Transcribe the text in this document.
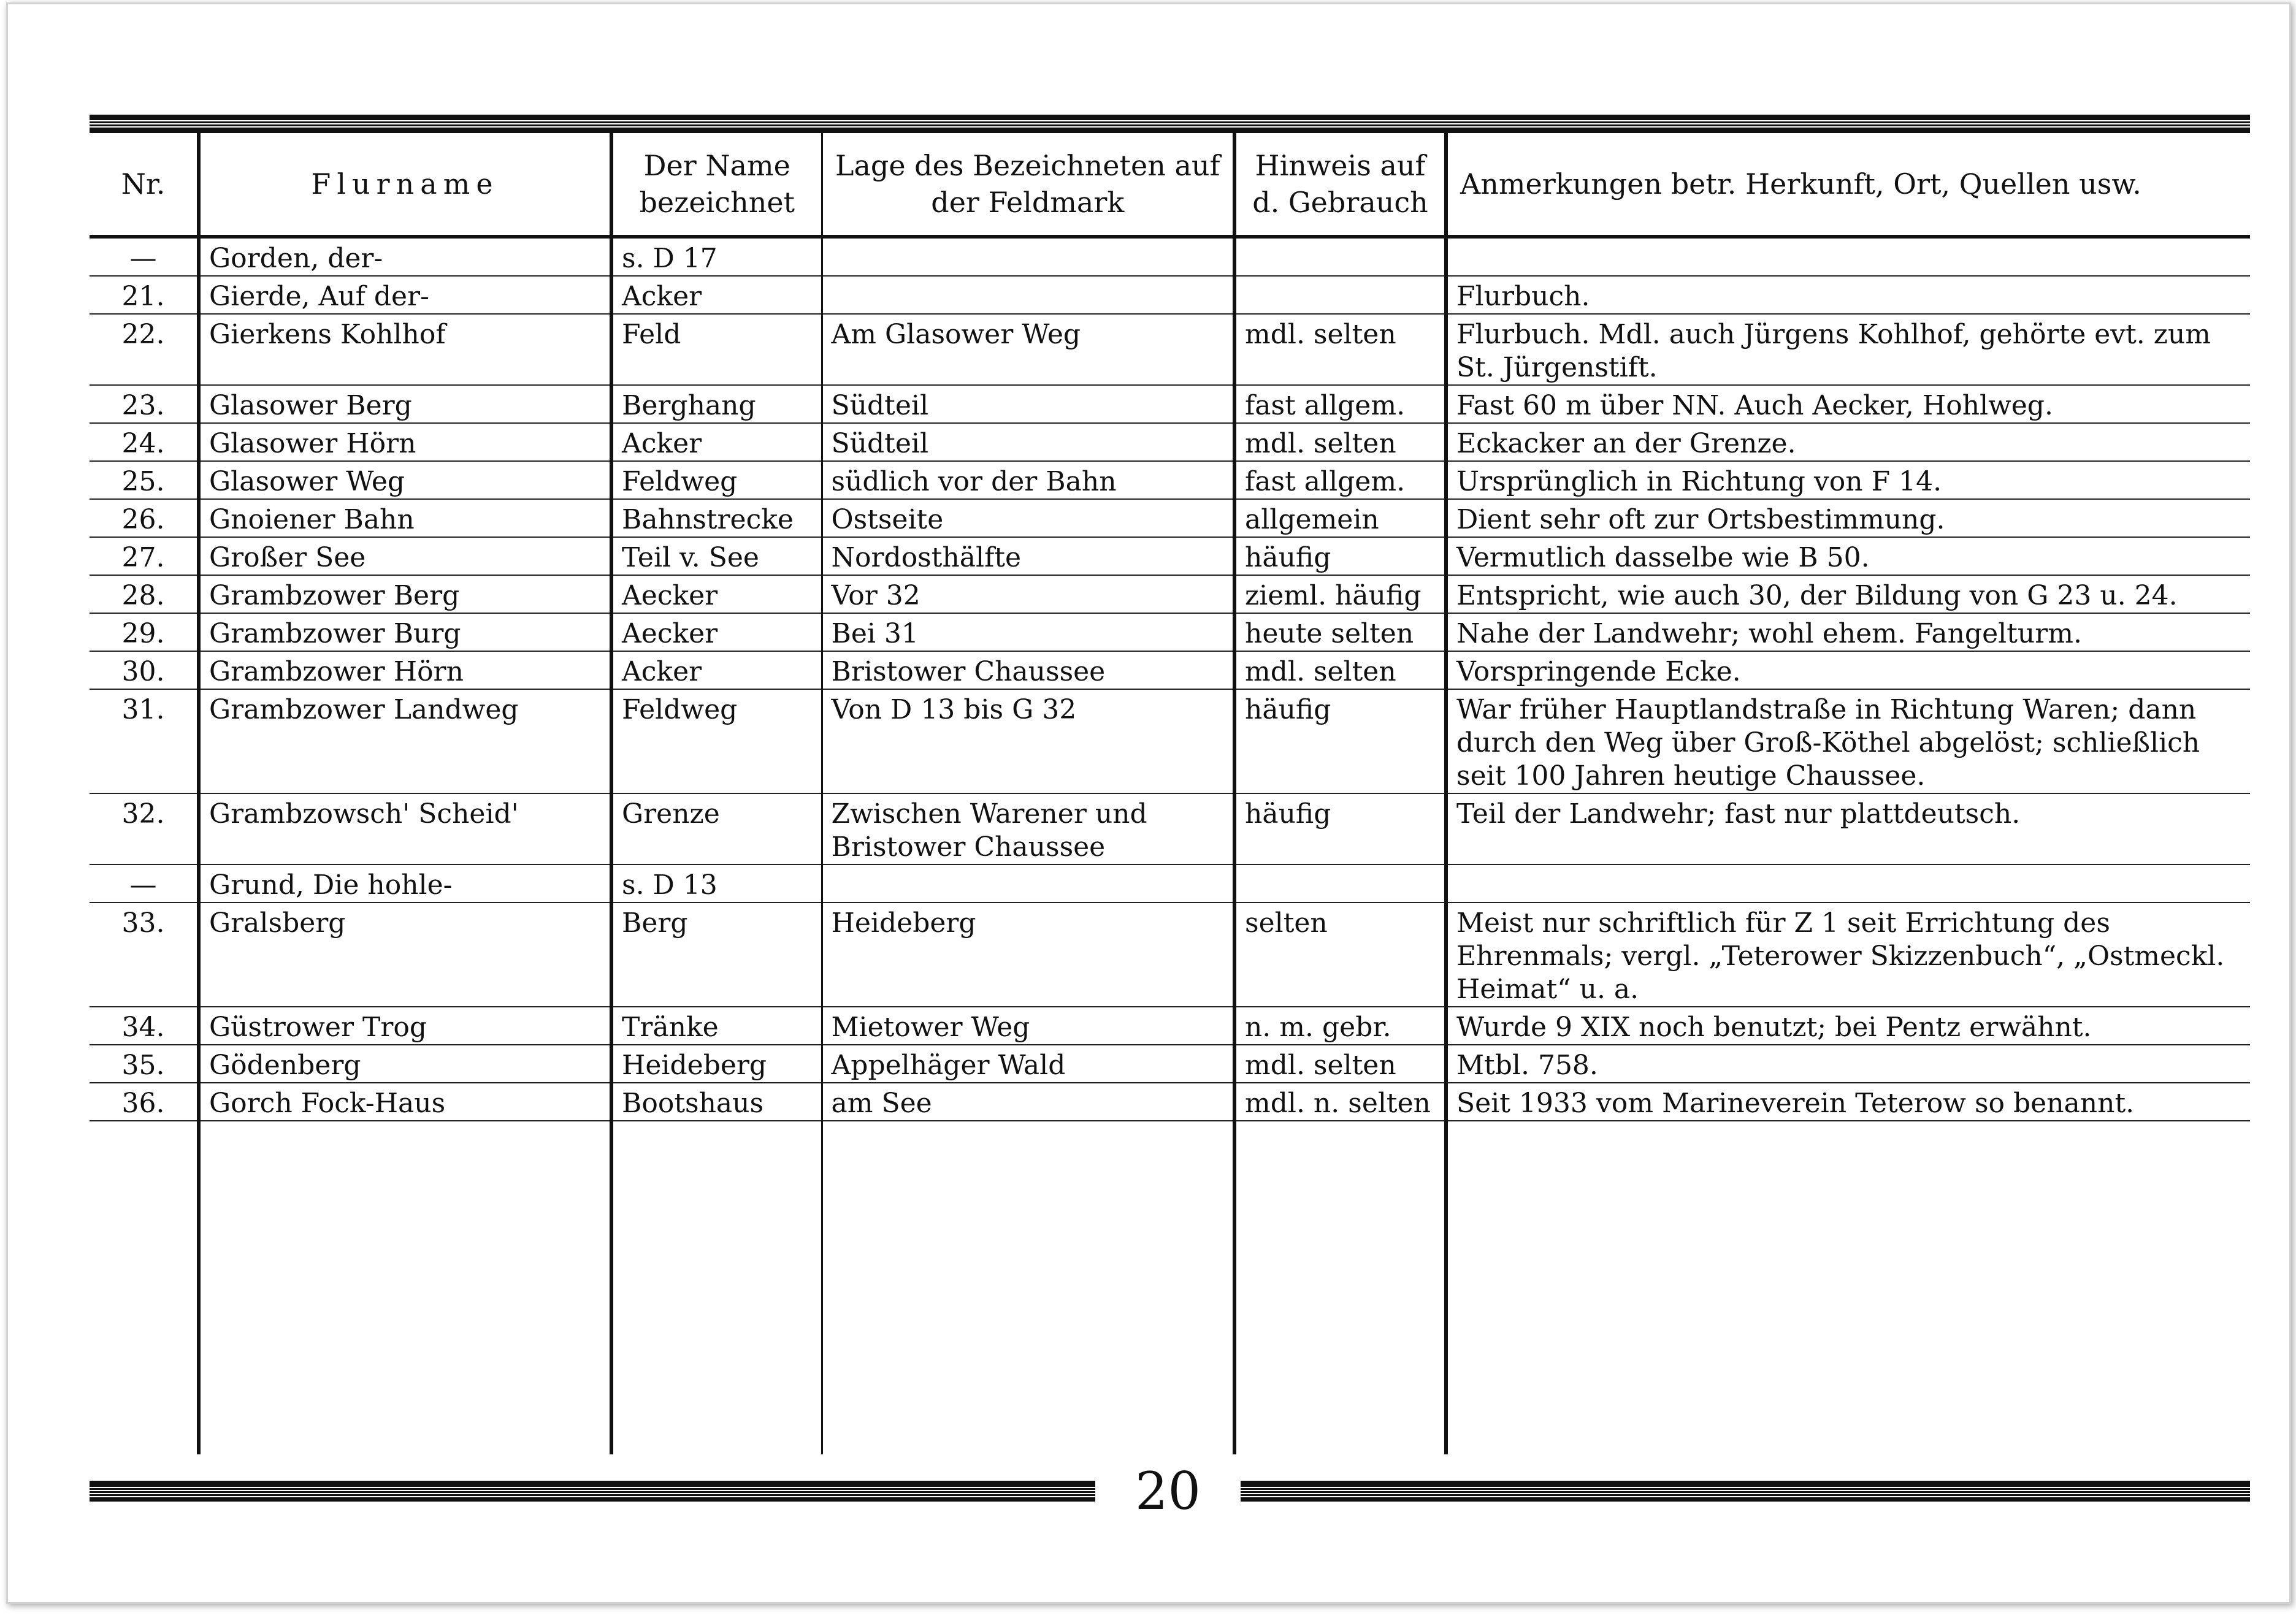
Nr.	Flurname	Der Name bezeichnet	Lage des Bezeichneten auf der Feldmark	Hinweis auf d. Gebrauch	Anmerkungen betr. Herkunft, Ort, Quellen usw.
—	Gorden, der-	s. D 17			
21.	Gierde, Auf der-	Acker			Flurbuch.
22.	Gierkens Kohlhof	Feld	Am Glasower Weg	mdl. selten	Flurbuch. Mdl. auch Jürgens Kohlhof, gehörte evt. zum St. Jürgenstift.
23.	Glasower Berg	Berghang	Südteil	fast allgem.	Fast 60 m über NN. Auch Aecker, Hohlweg.
24.	Glasower Hörn	Acker	Südteil	mdl. selten	Eckacker an der Grenze.
25.	Glasower Weg	Feldweg	südlich vor der Bahn	fast allgem.	Ursprünglich in Richtung von F 14.
26.	Gnoiener Bahn	Bahnstrecke	Ostseite	allgemein	Dient sehr oft zur Ortsbestimmung.
27.	Großer See	Teil v. See	Nordosthälfte	häufig	Vermutlich dasselbe wie B 50.
28.	Grambzower Berg	Aecker	Vor 32	zieml. häufig	Entspricht, wie auch 30, der Bildung von G 23 u. 24.
29.	Grambzower Burg	Aecker	Bei 31	heute selten	Nahe der Landwehr; wohl ehem. Fangelturm.
30.	Grambzower Hörn	Acker	Bristower Chaussee	mdl. selten	Vorspringende Ecke.
31.	Grambzower Landweg	Feldweg	Von D 13 bis G 32	häufig	War früher Hauptlandstraße in Richtung Waren; dann durch den Weg über Groß-Köthel abgelöst; schließlich seit 100 Jahren heutige Chaussee.
32.	Grambzowsch' Scheid'	Grenze	Zwischen Warener und Bristower Chaussee	häufig	Teil der Landwehr; fast nur plattdeutsch.
—	Grund, Die hohle-	s. D 13			
33.	Gralsberg	Berg	Heideberg	selten	Meist nur schriftlich für Z 1 seit Errichtung des Ehrenmals; vergl. „Teterower Skizzenbuch“, „Ostmeckl. Heimat“ u. a.
34.	Güstrower Trog	Tränke	Mietower Weg	n. m. gebr.	Wurde 9 XIX noch benutzt; bei Pentz erwähnt.
35.	Gödenberg	Heideberg	Appelhäger Wald	mdl. selten	Mtbl. 758.
36.	Gorch Fock-Haus	Bootshaus	am See	mdl. n. selten	Seit 1933 vom Marineverein Teterow so benannt.

20
